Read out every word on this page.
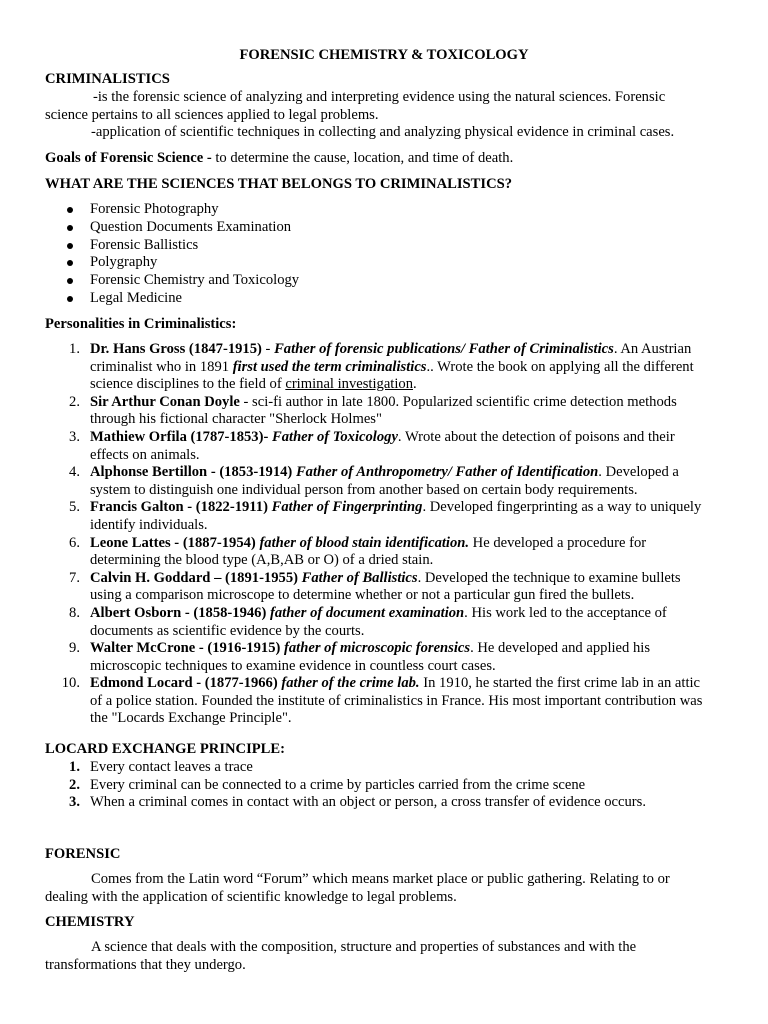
FORENSIC CHEMISTRY & TOXICOLOGY
CRIMINALISTICS
-is the forensic science of analyzing and interpreting evidence using the natural sciences. Forensic
science pertains to all sciences applied to legal problems.
-application of scientific techniques in collecting and analyzing physical evidence in criminal cases.
Goals of Forensic Science - to determine the cause, location, and time of death.
WHAT ARE THE SCIENCES THAT BELONGS TO CRIMINALISTICS?
Forensic Photography
Question Documents Examination
Forensic Ballistics
Polygraphy
Forensic Chemistry and Toxicology
Legal Medicine
Personalities in Criminalistics:
1. Dr. Hans Gross (1847-1915) - Father of forensic publications/ Father of Criminalistics. An Austrian
criminalist who in 1891 first used the term criminalistics.. Wrote the book on applying all the different
science disciplines to the field of criminal investigation.
2. Sir Arthur Conan Doyle - sci-fi author in late 1800. Popularized scientific crime detection methods
through his fictional character "Sherlock Holmes"
3. Mathiew Orfila (1787-1853)- Father of Toxicology. Wrote about the detection of poisons and their
effects on animals.
4. Alphonse Bertillon - (1853-1914) Father of Anthropometry/ Father of Identification. Developed a
system to distinguish one individual person from another based on certain body requirements.
5. Francis Galton - (1822-1911) Father of Fingerprinting. Developed fingerprinting as a way to uniquely
identify individuals.
6. Leone Lattes - (1887-1954) father of blood stain identification. He developed a procedure for
determining the blood type (A,B,AB or O) of a dried stain.
7. Calvin H. Goddard – (1891-1955) Father of Ballistics. Developed the technique to examine bullets
using a comparison microscope to determine whether or not a particular gun fired the bullets.
8. Albert Osborn - (1858-1946) father of document examination. His work led to the acceptance of
documents as scientific evidence by the courts.
9. Walter McCrone - (1916-1915) father of microscopic forensics. He developed and applied his
microscopic techniques to examine evidence in countless court cases.
10. Edmond Locard - (1877-1966) father of the crime lab. In 1910, he started the first crime lab in an attic
of a police station. Founded the institute of criminalistics in France. His most important contribution was
the "Locards Exchange Principle".
LOCARD EXCHANGE PRINCIPLE:
1. Every contact leaves a trace
2. Every criminal can be connected to a crime by particles carried from the crime scene
3. When a criminal comes in contact with an object or person, a cross transfer of evidence occurs.
FORENSIC
Comes from the Latin word “Forum” which means market place or public gathering. Relating to or
dealing with the application of scientific knowledge to legal problems.
CHEMISTRY
A science that deals with the composition, structure and properties of substances and with the
transformations that they undergo.
